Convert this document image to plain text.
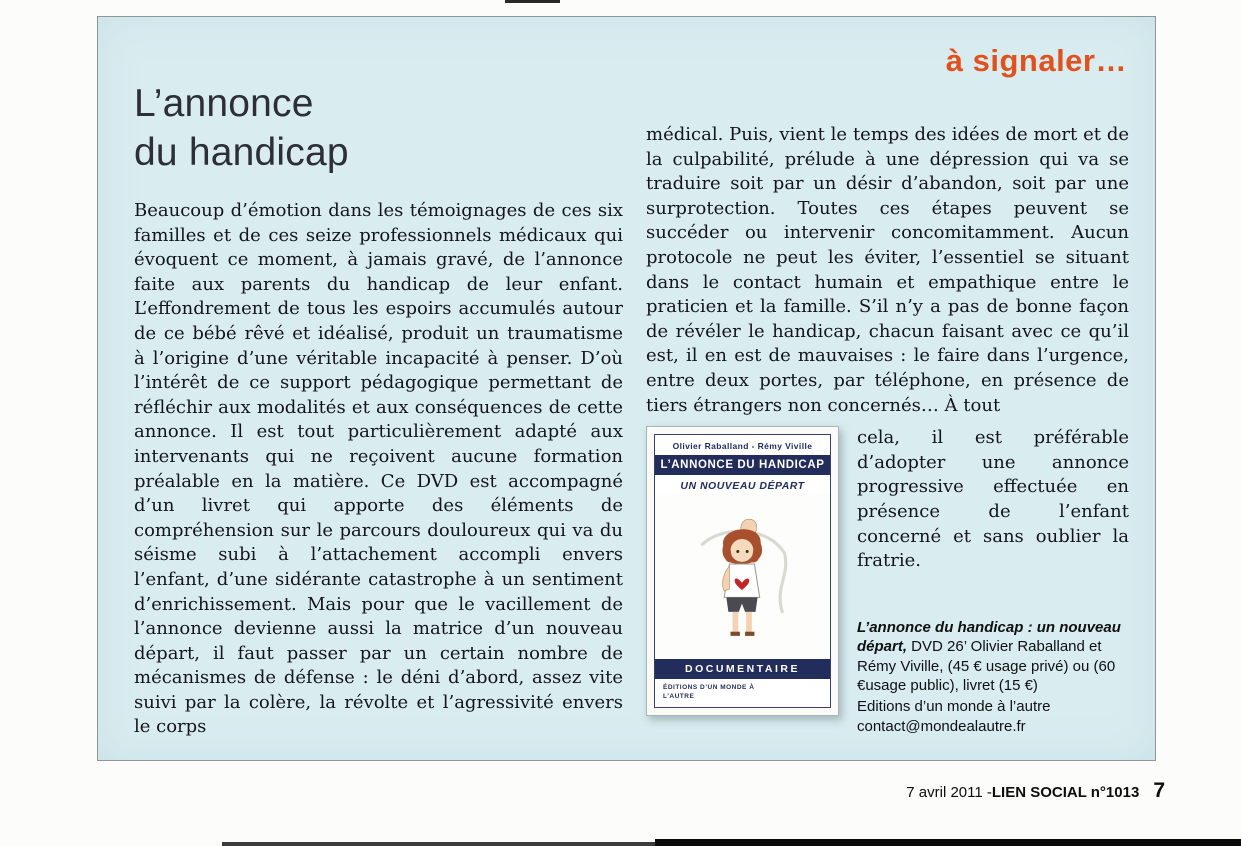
à signaler…
L’annonce
du handicap

Beaucoup d’émotion dans les témoignages de ces six familles et de ces seize professionnels médicaux qui évoquent ce moment, à jamais gravé, de l’annonce faite aux parents du handicap de leur enfant. L’effondrement de tous les espoirs accumulés autour de ce bébé rêvé et idéalisé, produit un traumatisme à l’origine d’une véritable incapacité à penser. D’où l’intérêt de ce support pédagogique permettant de réfléchir aux modalités et aux conséquences de cette annonce. Il est tout particulièrement adapté aux intervenants qui ne reçoivent aucune formation préalable en la matière. Ce DVD est accompagné d’un livret qui apporte des éléments de compréhension sur le parcours douloureux qui va du séisme subi à l’attachement accompli envers l’enfant, d’une sidérante catastrophe à un sentiment d’enrichissement. Mais pour que le vacillement de l’annonce devienne aussi la matrice d’un nouveau départ, il faut passer par un certain nombre de mécanismes de défense : le déni d’abord, assez vite suivi par la colère, la révolte et l’agressivité envers le corps

médical. Puis, vient le temps des idées de mort et de la culpabilité, prélude à une dépression qui va se traduire soit par un désir d’abandon, soit par une surprotection. Toutes ces étapes peuvent se succéder ou intervenir concomitamment. Aucun protocole ne peut les éviter, l’essentiel se situant dans le contact humain et empathique entre le praticien et la famille. S’il n’y a pas de bonne façon de révéler le handicap, chacun faisant avec ce qu’il est, il en est de mauvaises : le faire dans l’urgence, entre deux portes, par téléphone, en présence de tiers étrangers non concernés… À tout

Olivier Raballand - Rémy Viville
L’ANNONCE DU HANDICAP
UN NOUVEAU DÉPART
DOCUMENTAIRE
ÉDITIONS D’UN MONDE À L’AUTRE

cela, il est préférable d’adopter une annonce progressive effectuée en présence de l’enfant concerné et sans oublier la fratrie.

L’annonce du handicap : un nouveau départ, DVD 26’ Olivier Raballand et Rémy Viville, (45 € usage privé) ou (60 €usage public), livret (15 €)
Editions d’un monde à l’autre
contact@mondealautre.fr
7 avril 2011 - LIEN SOCIAL n°1013 7
